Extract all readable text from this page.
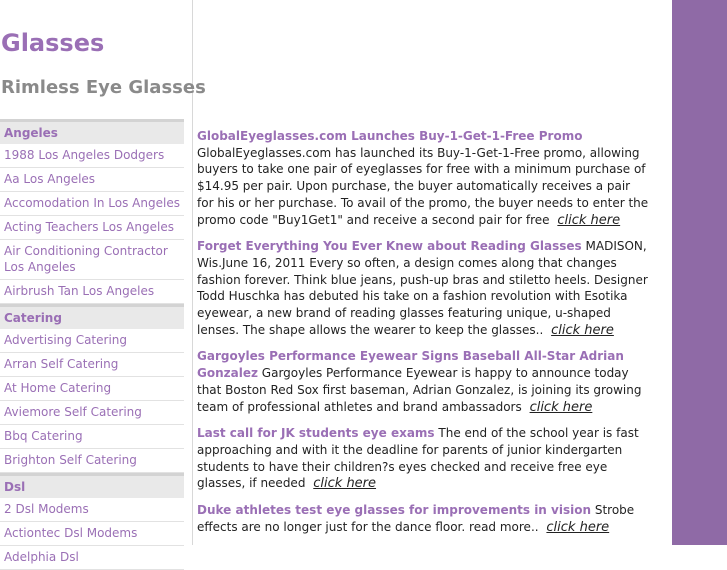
Glasses
Rimless Eye Glasses
Angeles
1988 Los Angeles Dodgers
Aa Los Angeles
Accomodation In Los Angeles
Acting Teachers Los Angeles
Air Conditioning Contractor Los Angeles
Airbrush Tan Los Angeles
Catering
Advertising Catering
Arran Self Catering
At Home Catering
Aviemore Self Catering
Bbq Catering
Brighton Self Catering
Dsl
2 Dsl Modems
Actiontec Dsl Modems
Adelphia Dsl
GlobalEyeglasses.com Launches Buy-1-Get-1-Free Promo GlobalEyeglasses.com has launched its Buy-1-Get-1-Free promo, allowing buyers to take one pair of eyeglasses for free with a minimum purchase of $14.95 per pair. Upon purchase, the buyer automatically receives a pair for his or her purchase. To avail of the promo, the buyer needs to enter the promo code "Buy1Get1" and receive a second pair for free click here
Forget Everything You Ever Knew about Reading Glasses MADISON, Wis.June 16, 2011 Every so often, a design comes along that changes fashion forever. Think blue jeans, push-up bras and stiletto heels. Designer Todd Huschka has debuted his take on a fashion revolution with Esotika eyewear, a new brand of reading glasses featuring unique, u-shaped lenses. The shape allows the wearer to keep the glasses.. click here
Gargoyles Performance Eyewear Signs Baseball All-Star Adrian Gonzalez Gargoyles Performance Eyewear is happy to announce today that Boston Red Sox first baseman, Adrian Gonzalez, is joining its growing team of professional athletes and brand ambassadors click here
Last call for JK students eye exams The end of the school year is fast approaching and with it the deadline for parents of junior kindergarten students to have their children?s eyes checked and receive free eye glasses, if needed click here
Duke athletes test eye glasses for improvements in vision Strobe effects are no longer just for the dance floor. read more.. click here
